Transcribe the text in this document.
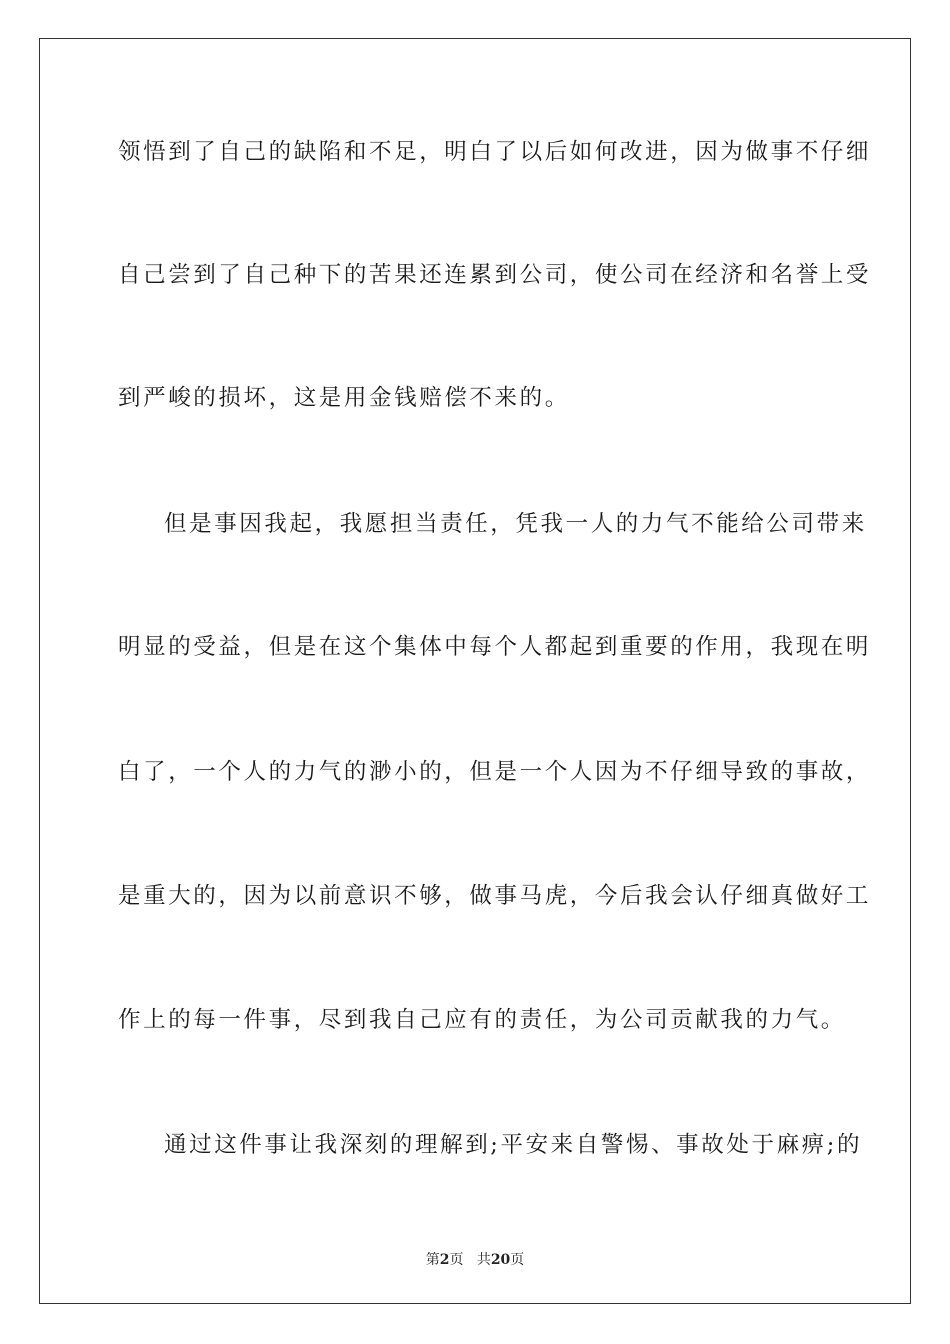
领悟到了自己的缺陷和不足，明白了以后如何改进，因为做事不仔细
自己尝到了自己种下的苦果还连累到公司，使公司在经济和名誉上受
到严峻的损坏，这是用金钱赔偿不来的。
但是事因我起，我愿担当责任，凭我一人的力气不能给公司带来
明显的受益，但是在这个集体中每个人都起到重要的作用，我现在明
白了，一个人的力气的渺小的，但是一个人因为不仔细导致的事故，
是重大的，因为以前意识不够，做事马虎，今后我会认仔细真做好工
作上的每一件事，尽到我自己应有的责任，为公司贡献我的力气。
通过这件事让我深刻的理解到;平安来自警惕、事故处于麻痹;的
第2页 共20页
